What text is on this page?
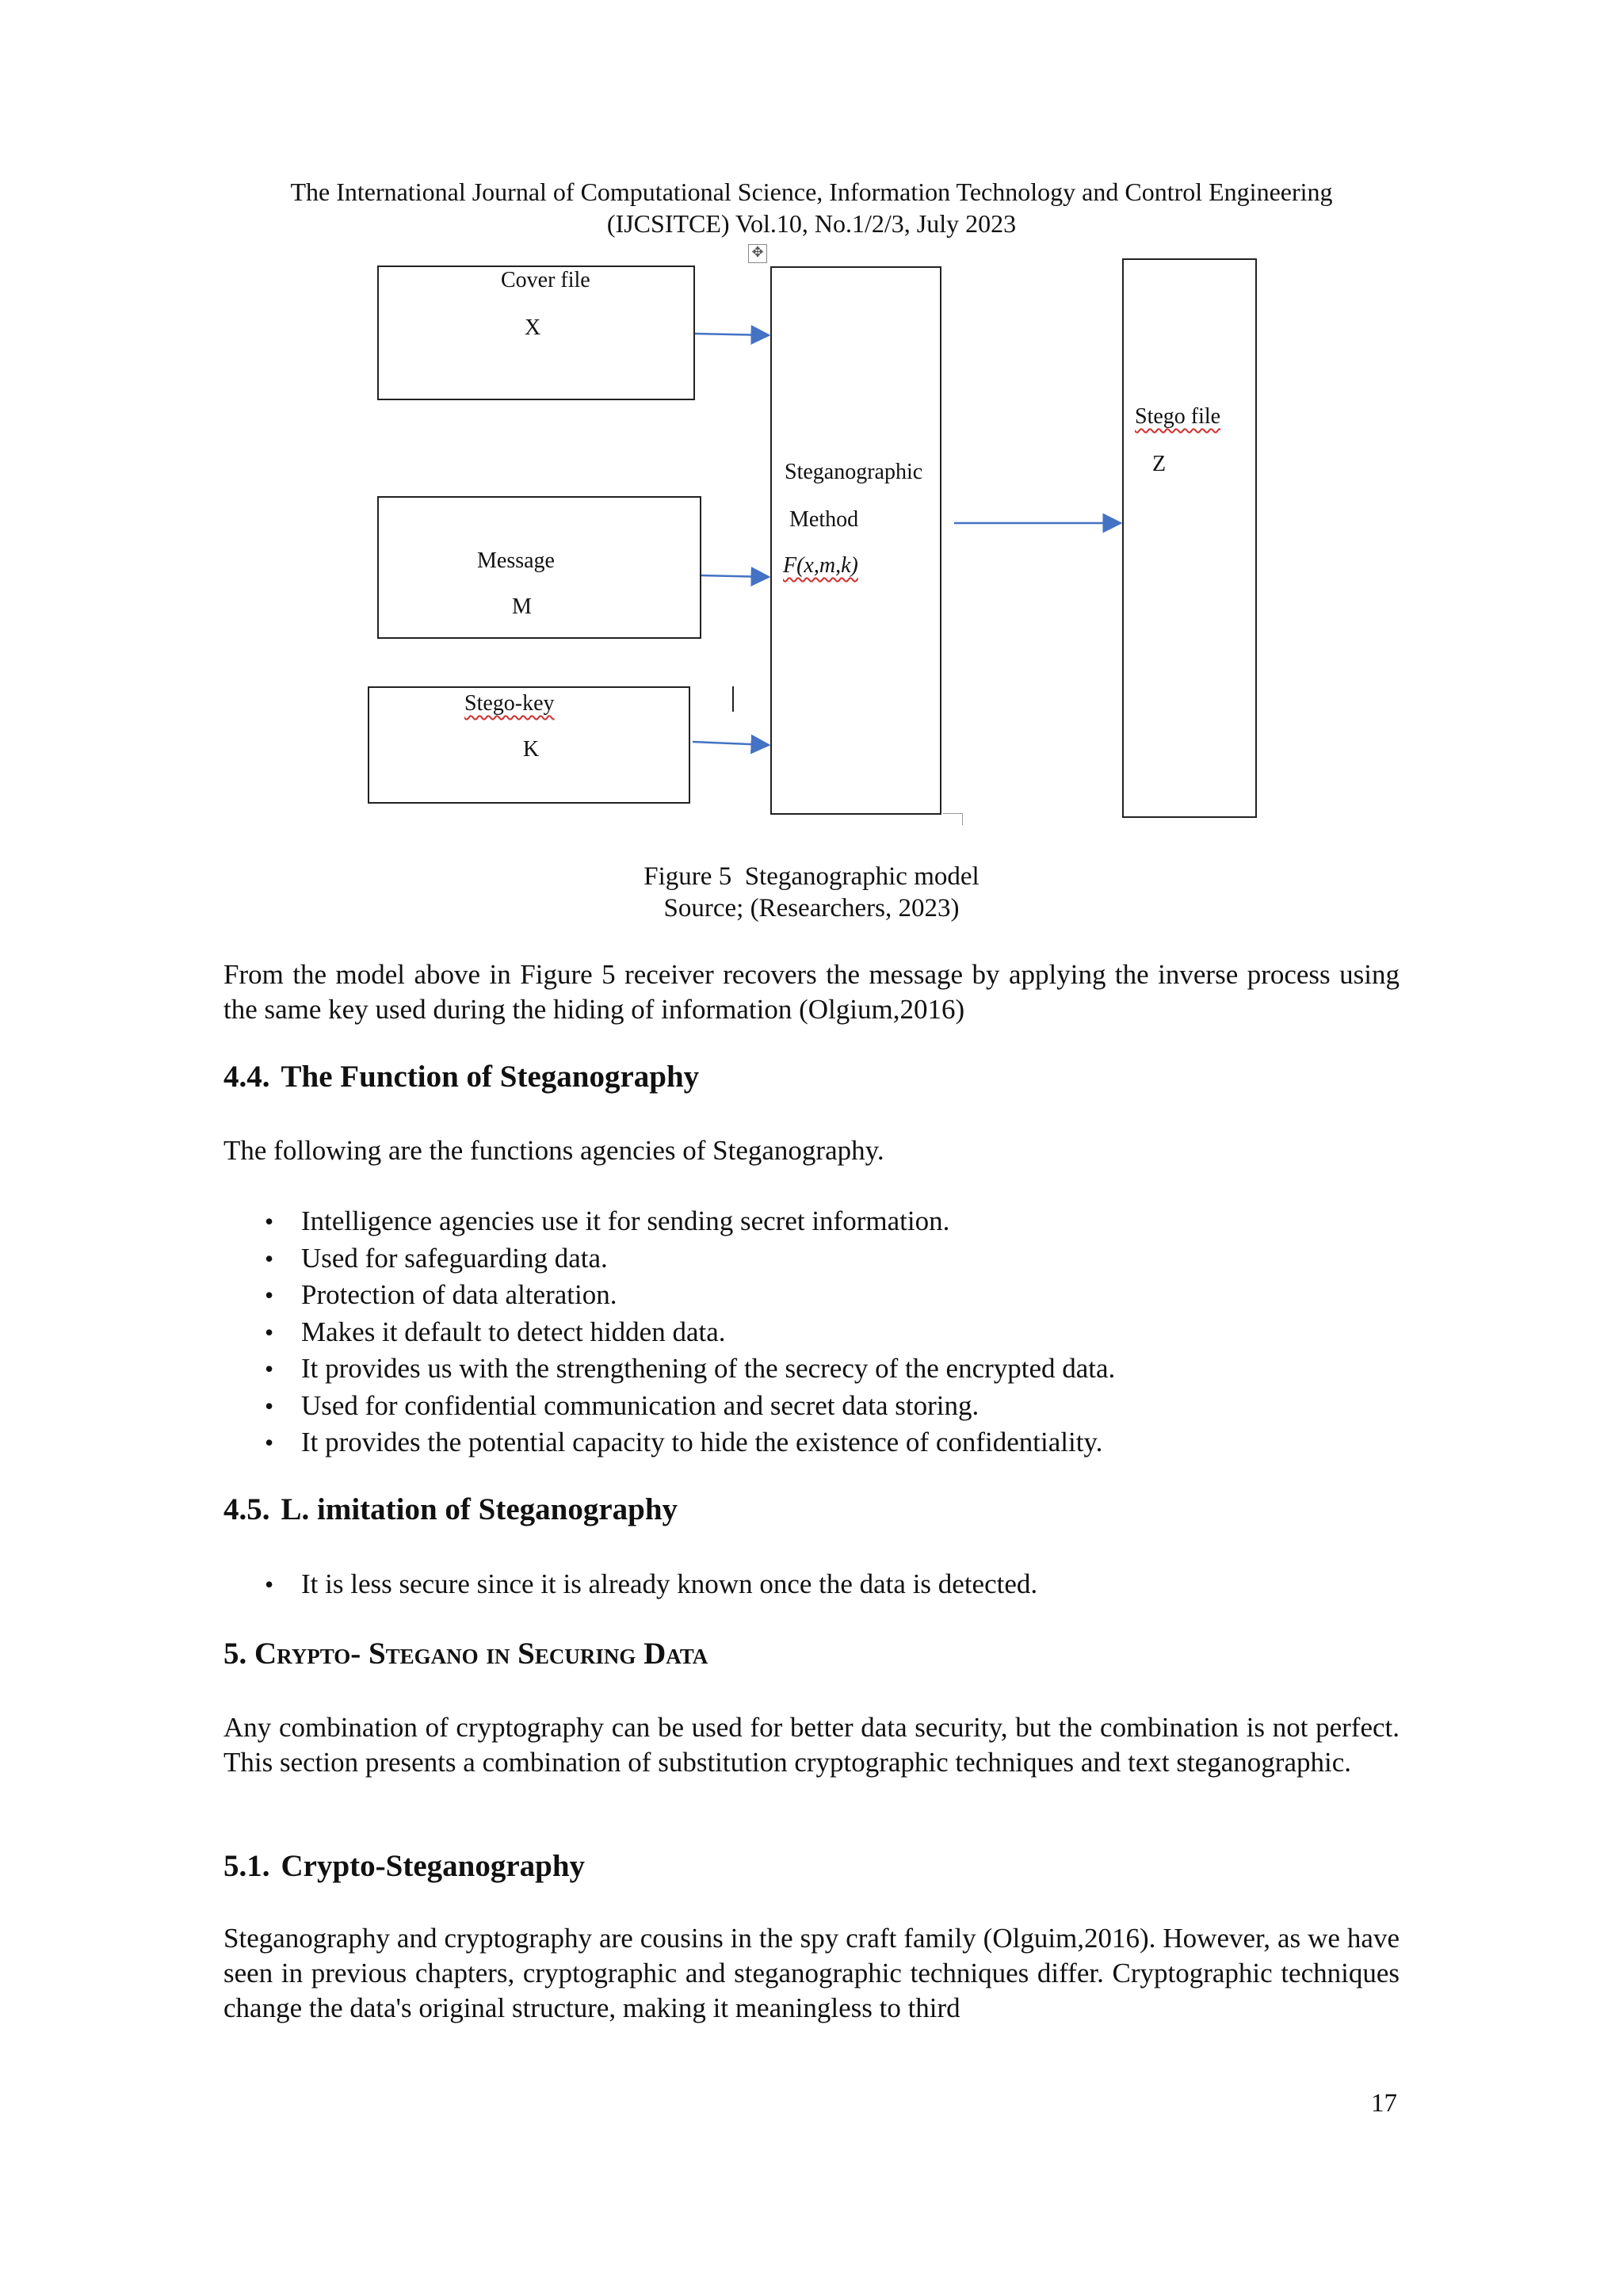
The International Journal of Computational Science, Information Technology and Control Engineering
(IJCSITCE) Vol.10, No.1/2/3, July 2023
✥
Cover file
X
Message
M
Stego-key
K
Steganographic
Method
F(x,m,k)
Stego file
Z
Figure 5  Steganographic model
Source; (Researchers, 2023)
From the model above in Figure 5 receiver recovers the message by applying the inverse process using the same key used during the hiding of information (Olgium,2016)
4.4. The Function of Steganography
The following are the functions agencies of Steganography.
• Intelligence agencies use it for sending secret information.
• Used for safeguarding data.
• Protection of data alteration.
• Makes it default to detect hidden data.
• It provides us with the strengthening of the secrecy of the encrypted data.
• Used for confidential communication and secret data storing.
• It provides the potential capacity to hide the existence of confidentiality.
4.5. L. imitation of Steganography
• It is less secure since it is already known once the data is detected.
5. Crypto- Stegano in Securing Data
Any combination of cryptography can be used for better data security, but the combination is not perfect. This section presents a combination of substitution cryptographic techniques and text steganographic.
5.1. Crypto-Steganography
Steganography and cryptography are cousins in the spy craft family (Olguim,2016). However, as we have seen in previous chapters, cryptographic and steganographic techniques differ. Cryptographic techniques change the data's original structure, making it meaningless to third
17
